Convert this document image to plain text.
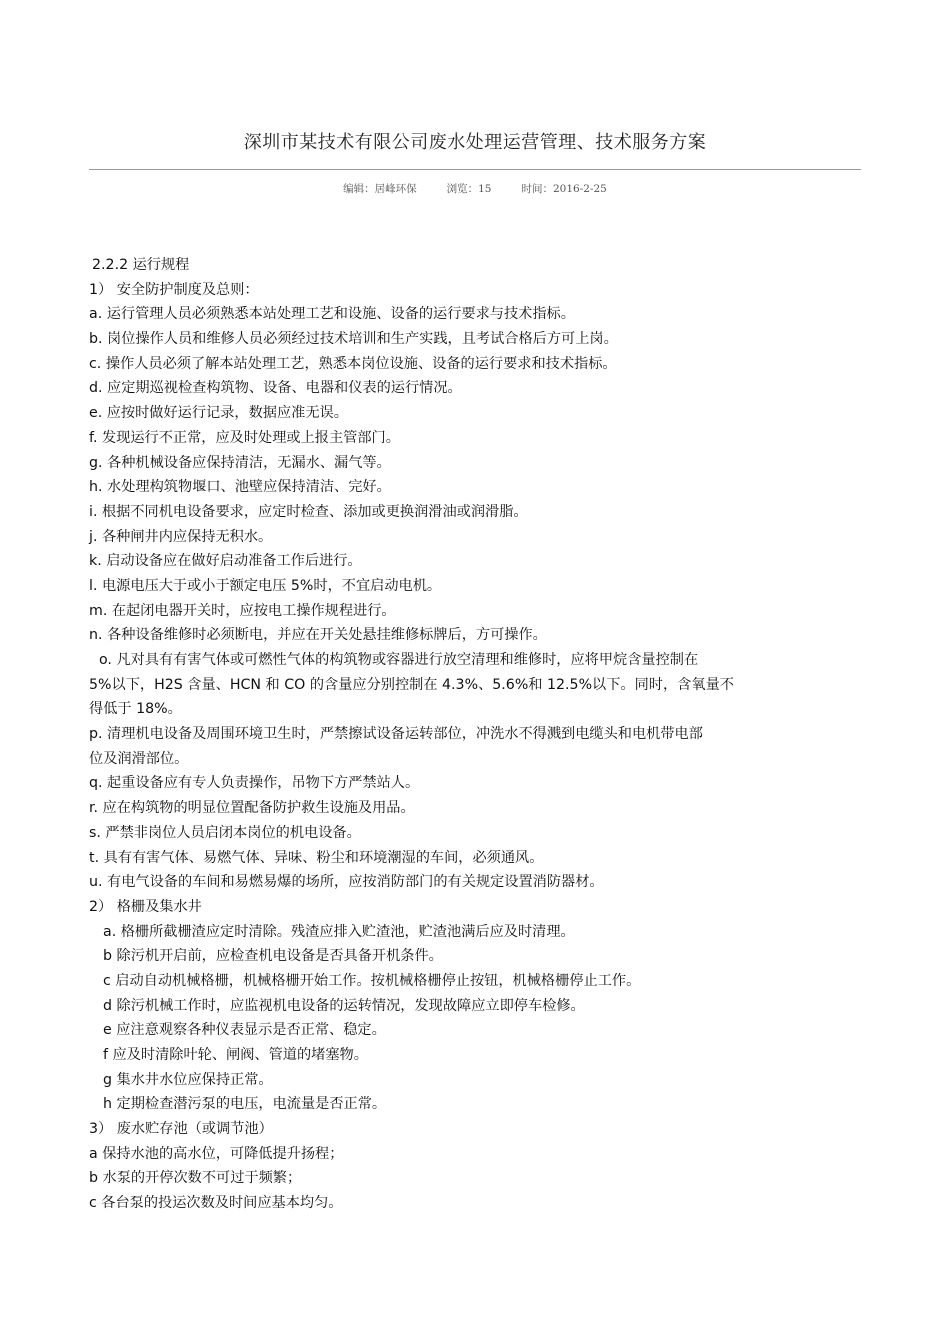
深圳市某技术有限公司废水处理运营管理、技术服务方案
编辑：居峰环保	浏览：15	时间：2016-2-25
2.2.2 运行规程
1） 安全防护制度及总则：
a. 运行管理人员必须熟悉本站处理工艺和设施、设备的运行要求与技术指标。
b. 岗位操作人员和维修人员必须经过技术培训和生产实践，且考试合格后方可上岗。
c. 操作人员必须了解本站处理工艺，熟悉本岗位设施、设备的运行要求和技术指标。
d. 应定期巡视检查构筑物、设备、电器和仪表的运行情况。
e. 应按时做好运行记录，数据应准无误。
f. 发现运行不正常，应及时处理或上报主管部门。
g. 各种机械设备应保持清洁，无漏水、漏气等。
h. 水处理构筑物堰口、池壁应保持清洁、完好。
i. 根据不同机电设备要求，应定时检查、添加或更换润滑油或润滑脂。
j. 各种闸井内应保持无积水。
k. 启动设备应在做好启动准备工作后进行。
l. 电源电压大于或小于额定电压 5%时，不宜启动电机。
m. 在起闭电器开关时，应按电工操作规程进行。
n. 各种设备维修时必须断电，并应在开关处悬挂维修标牌后，方可操作。
o. 凡对具有有害气体或可燃性气体的构筑物或容器进行放空清理和维修时，应将甲烷含量控制在
5%以下，H2S 含量、HCN 和 CO 的含量应分别控制在 4.3%、5.6%和 12.5%以下。同时，含氧量不
得低于 18%。
p. 清理机电设备及周围环境卫生时，严禁擦试设备运转部位，冲洗水不得溅到电缆头和电机带电部
位及润滑部位。
q. 起重设备应有专人负责操作，吊物下方严禁站人。
r. 应在构筑物的明显位置配备防护救生设施及用品。
s. 严禁非岗位人员启闭本岗位的机电设备。
t. 具有有害气体、易燃气体、异味、粉尘和环境潮湿的车间，必须通风。
u. 有电气设备的车间和易燃易爆的场所，应按消防部门的有关规定设置消防器材。
2） 格栅及集水井
a. 格栅所截栅渣应定时清除。残渣应排入贮渣池，贮渣池满后应及时清理。
b 除污机开启前，应检查机电设备是否具备开机条件。
c 启动自动机械格栅，机械格栅开始工作。按机械格栅停止按钮，机械格栅停止工作。
d 除污机械工作时，应监视机电设备的运转情况，发现故障应立即停车检修。
e 应注意观察各种仪表显示是否正常、稳定。
f 应及时清除叶轮、闸阀、管道的堵塞物。
g 集水井水位应保持正常。
h 定期检查潜污泵的电压，电流量是否正常。
3） 废水贮存池（或调节池）
a 保持水池的高水位，可降低提升扬程；
b 水泵的开停次数不可过于频繁；
c 各台泵的投运次数及时间应基本均匀。
